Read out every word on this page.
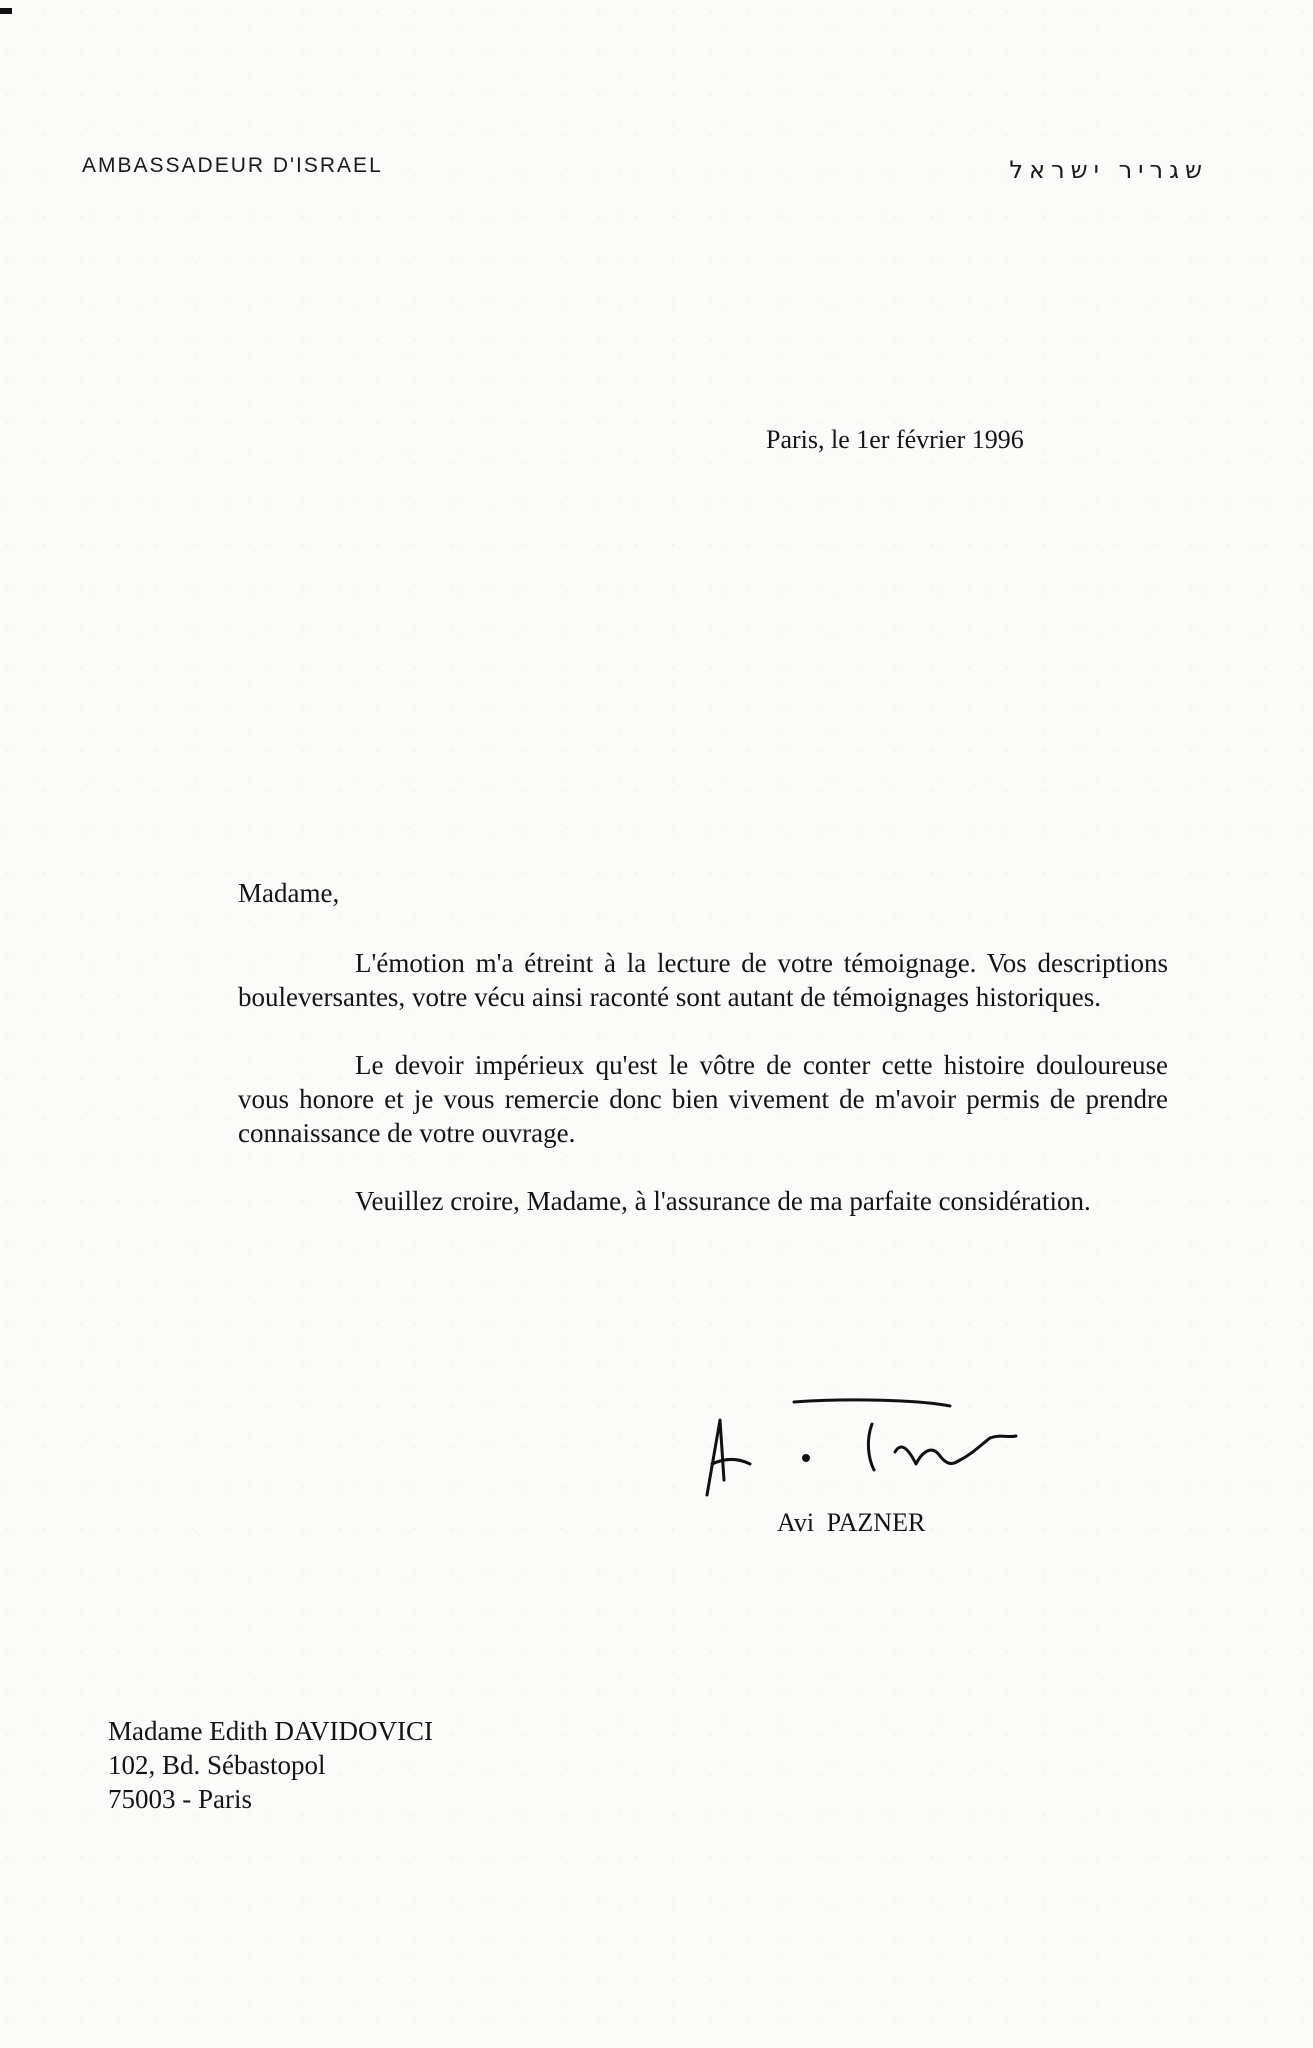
AMBASSADEUR D'ISRAEL	שגריר ישראל
Paris, le 1er février 1996
Madame,

L'émotion m'a étreint à la lecture de votre témoignage. Vos descriptions bouleversantes, votre vécu ainsi raconté sont autant de témoignages historiques.

Le devoir impérieux qu'est le vôtre de conter cette histoire douloureuse vous honore et je vous remercie donc bien vivement de m'avoir permis de prendre connaissance de votre ouvrage.

Veuillez croire, Madame, à l'assurance de ma parfaite considération.

Avi PAZNER
Madame Edith DAVIDOVICI
102, Bd. Sébastopol
75003 - Paris
